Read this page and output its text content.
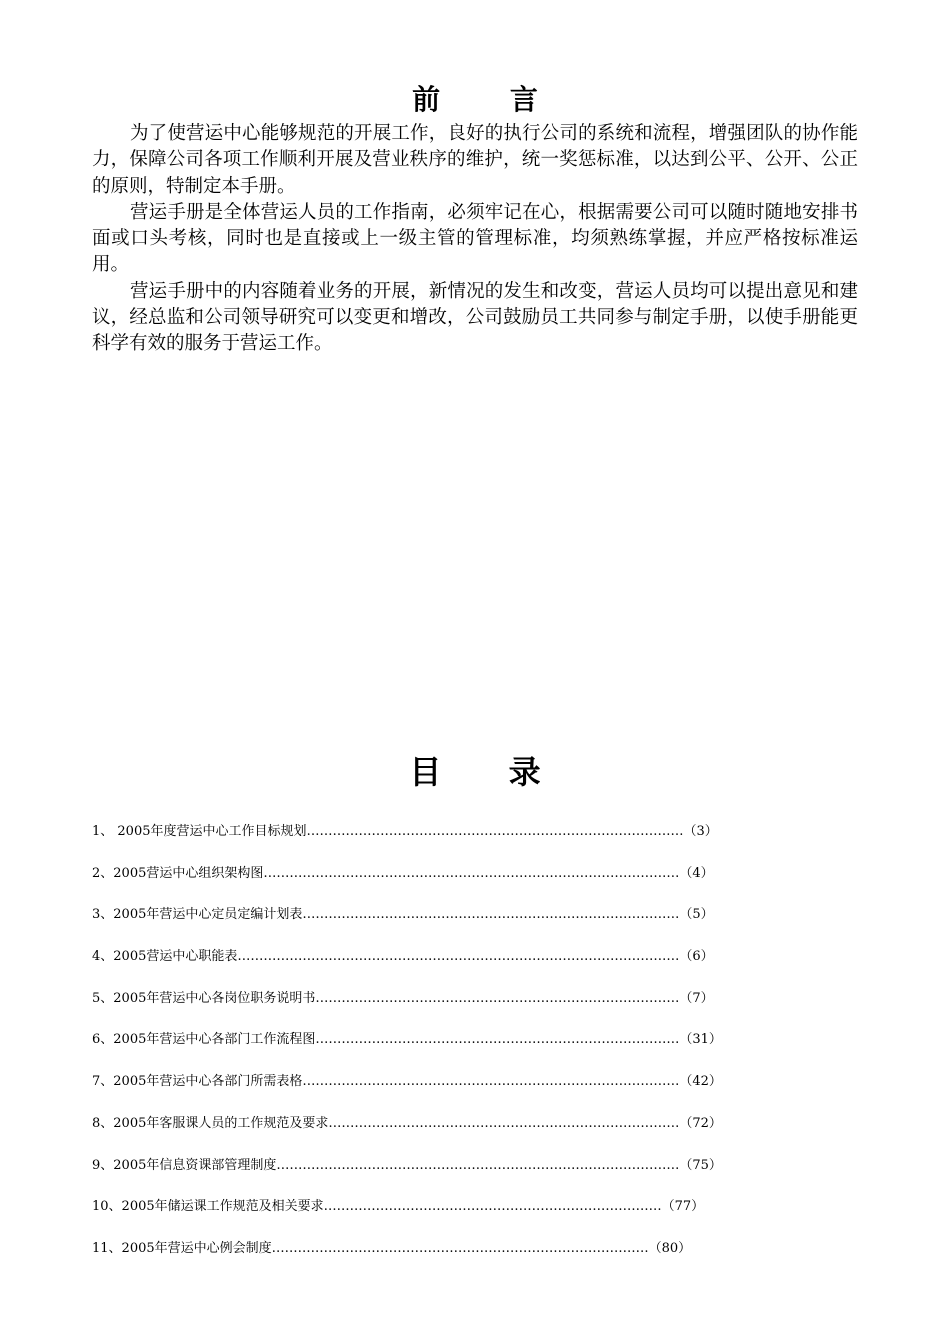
前 言

为了使营运中心能够规范的开展工作，良好的执行公司的系统和流程，增强团队的协作能力，保障公司各项工作顺利开展及营业秩序的维护，统一奖惩标准，以达到公平、公开、公正的原则，特制定本手册。

营运手册是全体营运人员的工作指南，必须牢记在心，根据需要公司可以随时随地安排书面或口头考核，同时也是直接或上一级主管的管理标准，均须熟练掌握，并应严格按标准运用。

营运手册中的内容随着业务的开展，新情况的发生和改变，营运人员均可以提出意见和建议，经总监和公司领导研究可以变更和增改，公司鼓励员工共同参与制定手册，以使手册能更科学有效的服务于营运工作。

目 录
1、 2005年度营运中心工作目标规划……………………………………………………………………………（3）
2、2005营运中心组织架构图……………………………………………………………………………………（4）
3、2005年营运中心定员定编计划表……………………………………………………………………………（5）
4、2005营运中心职能表…………………………………………………………………………………………（6）
5、2005年营运中心各岗位职务说明书…………………………………………………………………………（7）
6、2005年营运中心各部门工作流程图…………………………………………………………………………（31）
7、2005年营运中心各部门所需表格……………………………………………………………………………（42）
8、2005年客服课人员的工作规范及要求………………………………………………………………………（72）
9、2005年信息资课部管理制度…………………………………………………………………………………（75）
10、2005年储运课工作规范及相关要求……………………………………………………………………（77）
11、2005年营运中心例会制度……………………………………………………………………………（80）
